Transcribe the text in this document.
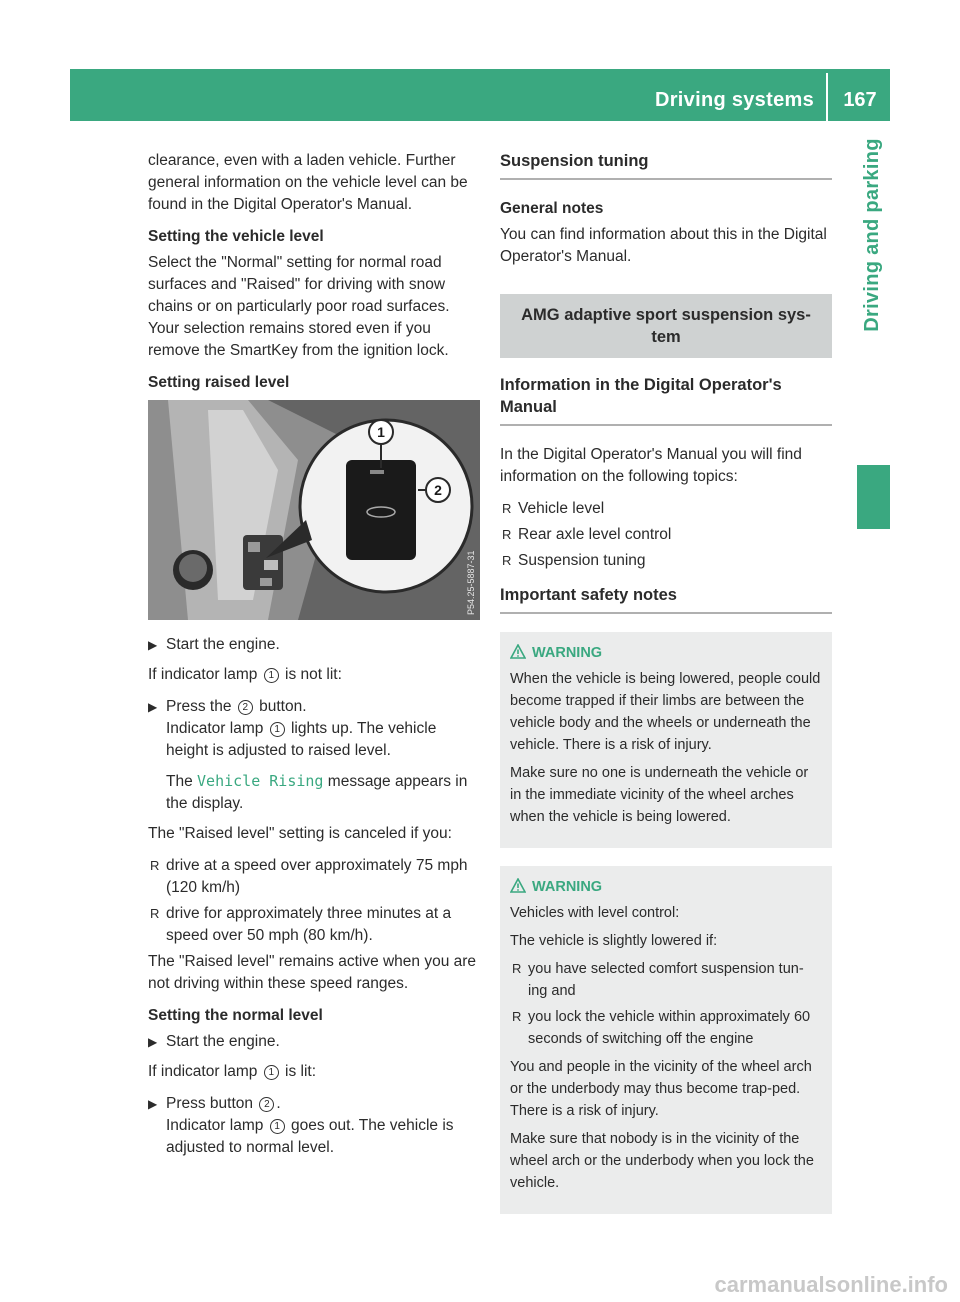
Driving systems	167
Driving and parking

clearance, even with a laden vehicle. Further general information on the vehicle level can be found in the Digital Operator's Manual.

Setting the vehicle level

Select the "Normal" setting for normal road surfaces and "Raised" for driving with snow chains or on particularly poor road surfaces. Your selection remains stored even if you remove the SmartKey from the ignition lock.

Setting raised level

1
2
P54.25-5887-31
▶ Start the engine.

If indicator lamp 1 is not lit:

▶ Press the 2 button.
Indicator lamp 1 lights up. The vehicle height is adjusted to raised level.
The Vehicle Rising message appears in the display.

The "Raised level" setting is canceled if you:

R drive at a speed over approximately 75 mph (120 km/h)
R drive for approximately three minutes at a speed over 50 mph (80 km/h).

The "Raised level" remains active when you are not driving within these speed ranges.

Setting the normal level

▶ Start the engine.

If indicator lamp 1 is lit:

▶ Press button 2 .
Indicator lamp 1 goes out. The vehicle is adjusted to normal level.

Suspension tuning

General notes

You can find information about this in the Digital Operator's Manual.

AMG adaptive sport suspension sys-tem

Information in the Digital Operator's Manual

In the Digital Operator's Manual you will find information on the following topics:

R Vehicle level
R Rear axle level control
R Suspension tuning

Important safety notes

WARNING

When the vehicle is being lowered, people could become trapped if their limbs are between the vehicle body and the wheels or underneath the vehicle. There is a risk of injury.

Make sure no one is underneath the vehicle or in the immediate vicinity of the wheel arches when the vehicle is being lowered.

WARNING

Vehicles with level control:

The vehicle is slightly lowered if:

R you have selected comfort suspension tun-ing and
R you lock the vehicle within approximately 60 seconds of switching off the engine

You and people in the vicinity of the wheel arch or the underbody may thus become trap-ped. There is a risk of injury.

Make sure that nobody is in the vicinity of the wheel arch or the underbody when you lock the vehicle.

carmanualsonline.info
